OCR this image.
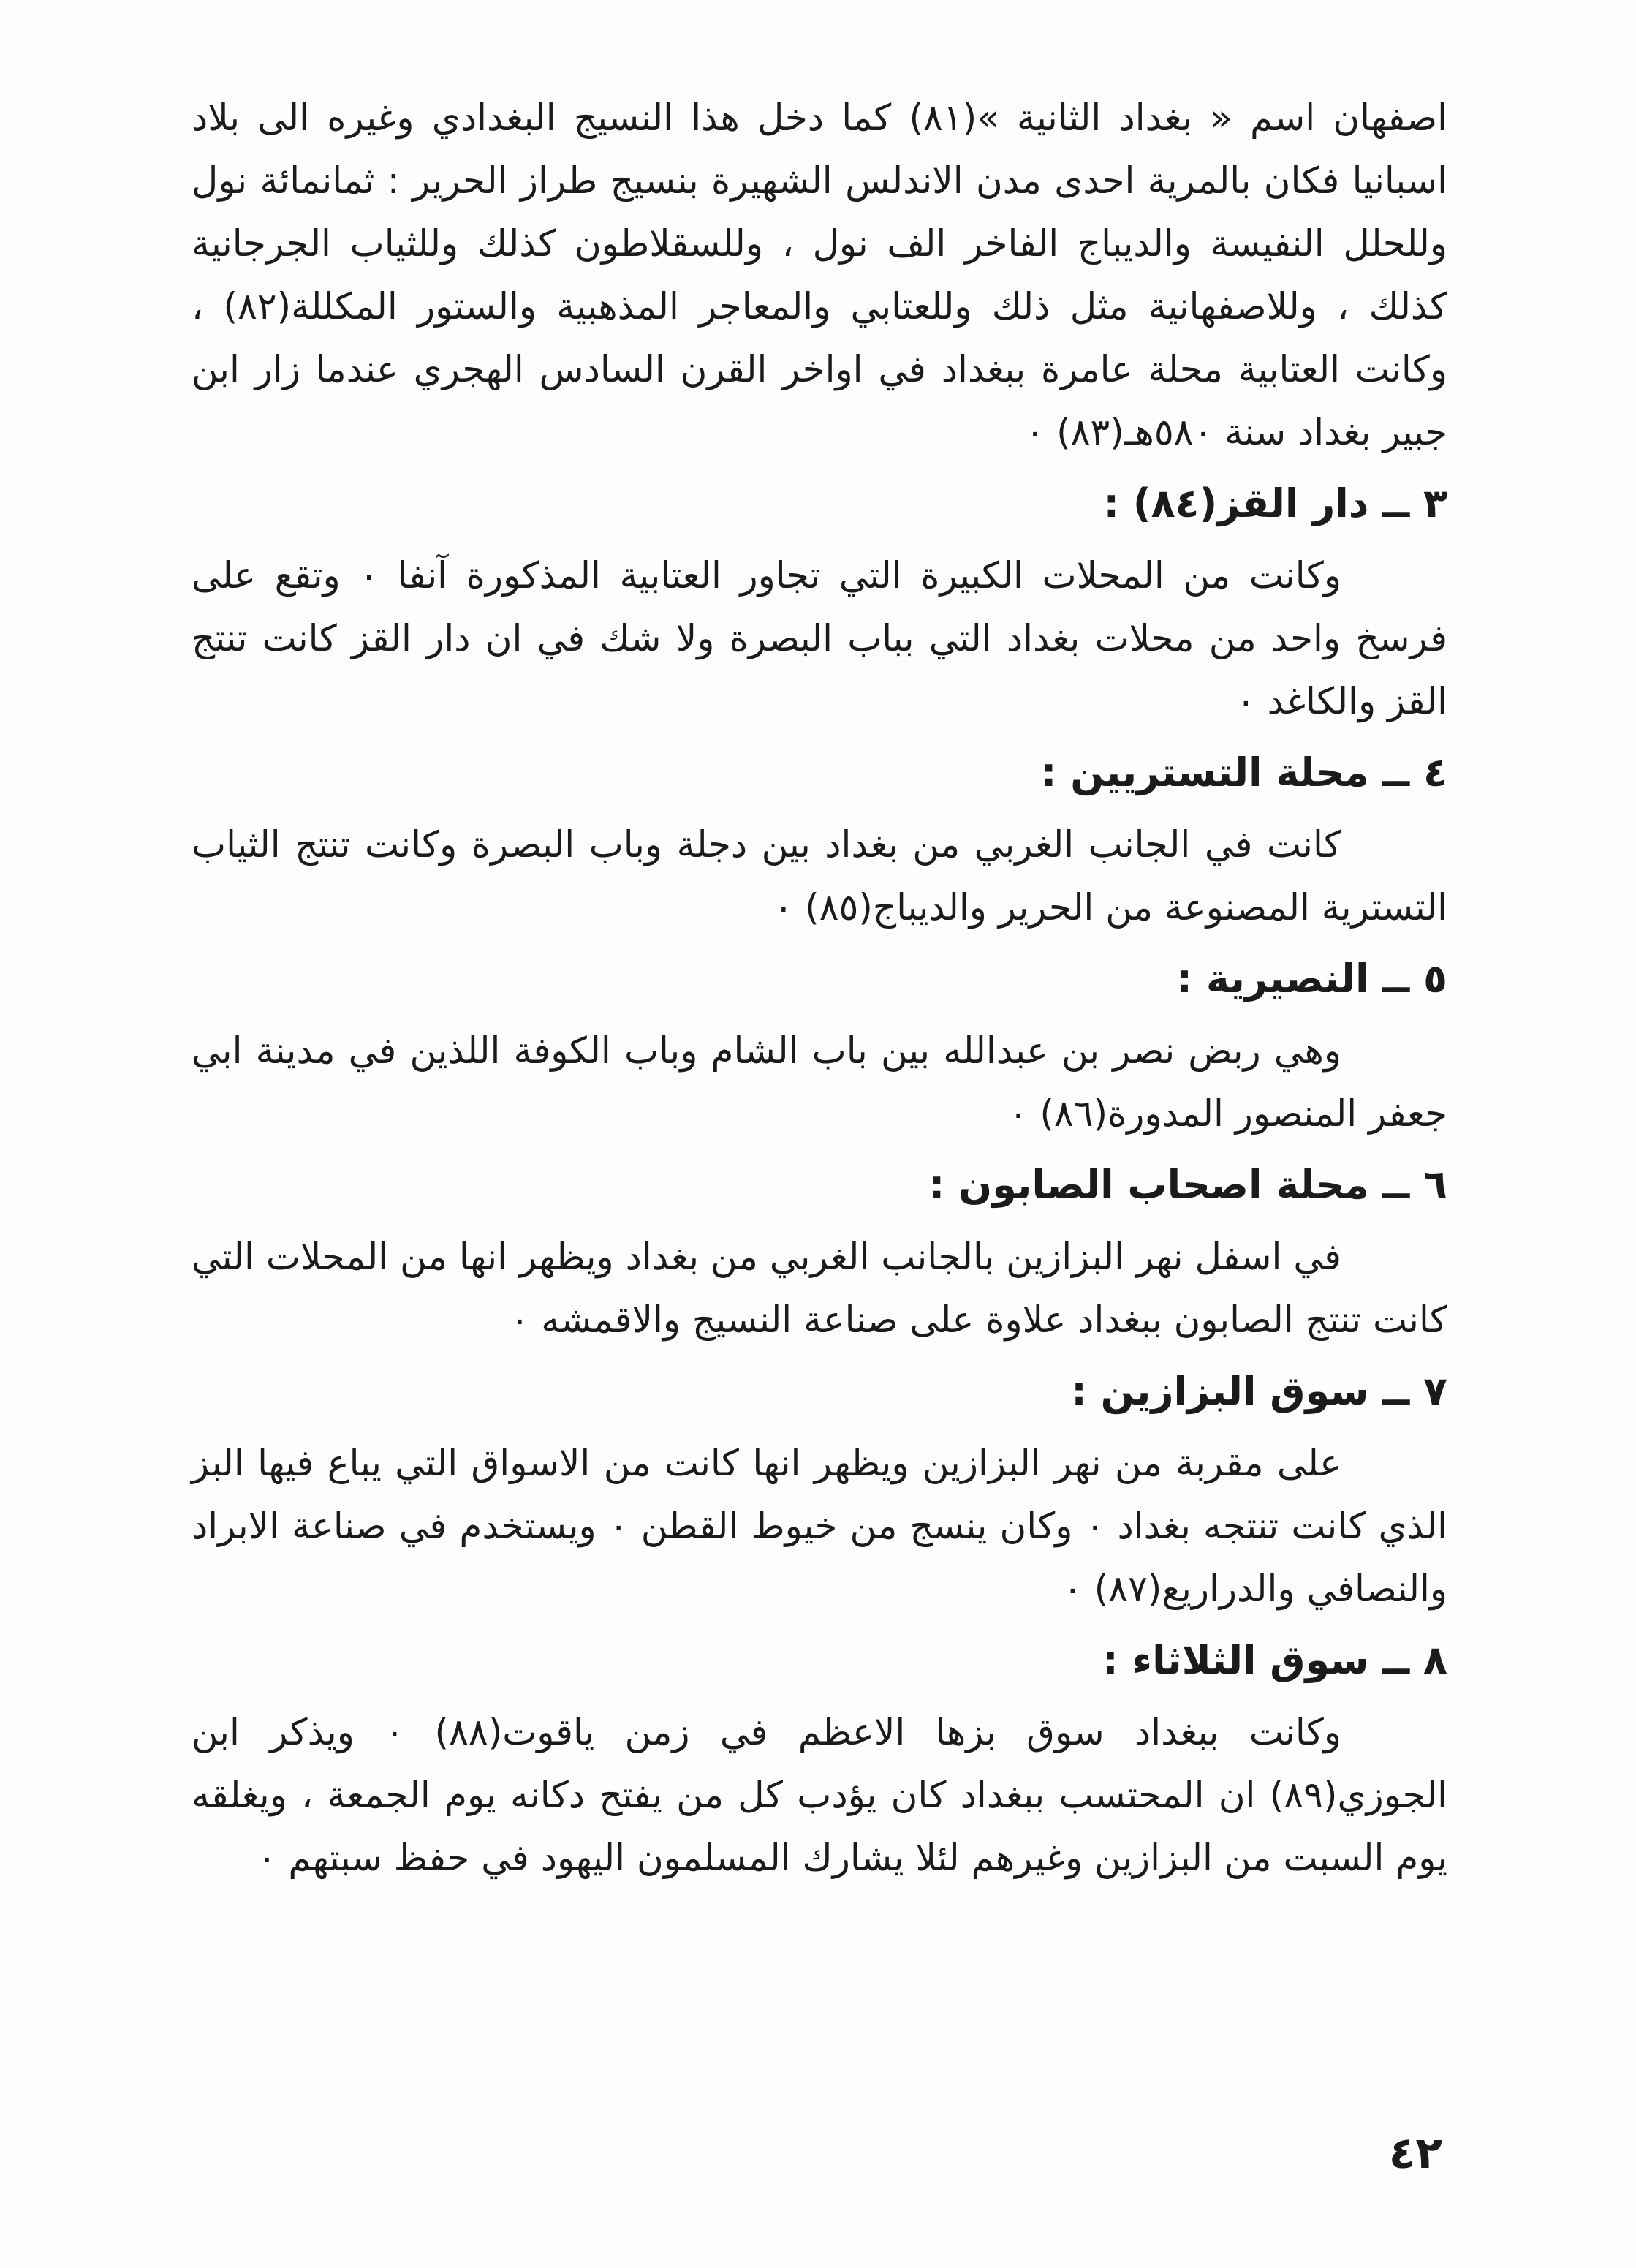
اصفهان اسم « بغداد الثانية »(٨١) كما دخل هذا النسيج البغدادي وغيره الى بلاد اسبانيا فكان بالمرية احدى مدن الاندلس الشهيرة بنسيج طراز الحرير : ثمانمائة نول وللحلل النفيسة والديباج الفاخر الف نول ، وللسقلاطون كذلك وللثياب الجرجانية كذلك ، وللاصفهانية مثل ذلك وللعتابي والمعاجر المذهبية والستور المكللة(٨٢) ، وكانت العتابية محلة عامرة ببغداد في اواخر القرن السادس الهجري عندما زار ابن جبير بغداد سنة ٥٨٠هـ(٨٣) ٠

٣ ــ دار القز(٨٤) :

وكانت من المحلات الكبيرة التي تجاور العتابية المذكورة آنفا ٠ وتقع على فرسخ واحد من محلات بغداد التي بباب البصرة ولا شك في ان دار القز كانت تنتج القز والكاغد ٠

٤ ــ محلة التستريين :

كانت في الجانب الغربي من بغداد بين دجلة وباب البصرة وكانت تنتج الثياب التسترية المصنوعة من الحرير والديباج(٨٥) ٠

٥ ــ النصيرية :

وهي ربض نصر بن عبدالله بين باب الشام وباب الكوفة اللذين في مدينة ابي جعفر المنصور المدورة(٨٦) ٠

٦ ــ محلة اصحاب الصابون :

في اسفل نهر البزازين بالجانب الغربي من بغداد ويظهر انها من المحلات التي كانت تنتج الصابون ببغداد علاوة على صناعة النسيج والاقمشه ٠

٧ ــ سوق البزازين :

على مقربة من نهر البزازين ويظهر انها كانت من الاسواق التي يباع فيها البز الذي كانت تنتجه بغداد ٠ وكان ينسج من خيوط القطن ٠ ويستخدم في صناعة الابراد والنصافي والدراريع(٨٧) ٠

٨ ــ سوق الثلاثاء :

وكانت ببغداد سوق بزها الاعظم في زمن ياقوت(٨٨) ٠ ويذكر ابن الجوزي(٨٩) ان المحتسب ببغداد كان يؤدب كل من يفتح دكانه يوم الجمعة ، ويغلقه يوم السبت من البزازين وغيرهم لئلا يشارك المسلمون اليهود في حفظ سبتهم ٠

٤٢
